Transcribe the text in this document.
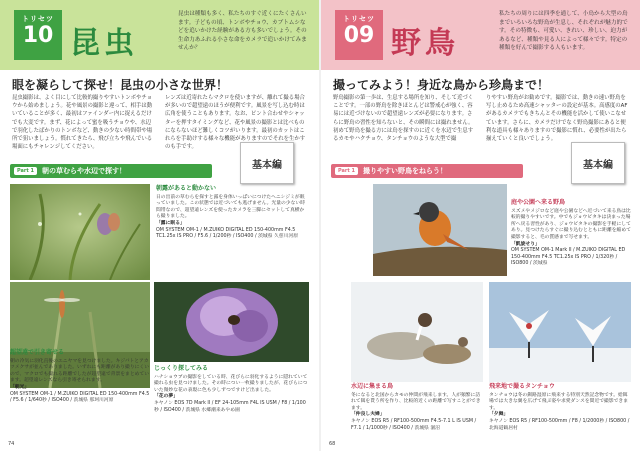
トリセツ
10 昆虫
昆虫は種類も多く、私たちのすぐ近くにたくさんいます。子どもの頃、トンボやチョウ、カブトムシなどを追いかけた経験がある方も多いでしょう。その生命力あふれる小さな命をカメラで追いかけてみませんか？
眼を凝らして探せ！昆虫の小さな世界！

昆虫撮影は、よく目にして比較的撮りやすいトンボやチョウから始めましょう。花や風景の撮影と違って、相手は動いていることが多く、最初はファインダー内に捉えるだけでも大変です。まず、花によって蜜を吸うチョウや、水辺で羽化したばかりのトンボなど、動きの少ない時間帯や場所で狙いましょう。慣れてきたら、飛び立ちや飛んでいる場面にもチャレンジしてください。

レンズは近寄れたらマクロを使いますが、離れて撮る場合が多いので超望遠のほうが便利です。風景を写し込む時は広角を使うこともあります。なお、ピント合わせやシャッターを押すタイミングなど、花や風景の撮影とは比べものにならないほど難しくコツがいります。最初のカットはこれらを手助けする様々な機能がありますのでそれを生かすのも手です。

基本編
Part 1	朝の草むらや水辺で探す！
朝露があると動かない
日の出前の草むらを探すと露を身体いっぱいにつけたヘニシジミが眠っていました。この状態では近づいても逃げません。光量の少ない時間帯なので、超望遠レンズを使ったカメラを三脚にセットして真横から撮りました。
「露に眠る」
OM SYSTEM OM-1 / M.ZUIKO DIGITAL ED 150-400mm F4.5 TC1.25x IS PRO / F5.6 / 1/200秒 / ISO400 / 茨城県 久慈川河原
超望遠で引き寄せる
朝の冷気に羽化直後のエニヤマを見つけました。キジバトとアカツメクサが並んでありました。いずれにも距離があり撮りにくいので、マクロでも撮れる距離でしたが超望遠で背景をまとめています。超望遠レンズなら引き寄せられます。
「朝光」
OM SYSTEM OM-1 / M.ZUIKO DIGITAL ED 150-400mm F4.5 / F5.6 / 1/640秒 / ISO400 / 茨城県 那珂川河原
じっくり探してみる
ハナショウブの撮影をしている時、花びらに羽化するように隠れていて撮れる虫を見つけました。その時につい一枚撮りましたが、花びらについた微妙な花の表現に色も少しずつですけど出ました。
「花の夢」
キヤノン EOS 7D Mark II / EF 24-105mm F4L IS USM / F8 / 1/100秒 / ISO400 / 茨城県 水郷潮来あやめ園
74
トリセツ
09 野鳥
私たちの周りには四季を通して、小鳥から大型の鳥までいろいろな野鳥が生息し、それぞれが魅力的です。その特徴も、可愛い、きれい、珍しい、迫力があるなど、種類や見る人によって様々です。特定の種類を好んで撮影する人もいます。
撮ってみよう！身近な鳥から珍鳥まで！

野鳥撮影の第一歩は、生息する場所を知り、そして近づくことです。一部の野鳥を除きほとんどは警戒心が強く、容易には近づけないので超望遠レンズが必要になります。さらに野鳥の習性を知らないと、その瞬間には撮れません。初めて野鳥を撮る方には鳥を探すのに近くを水辺で生息するカモやハクチョウ、タンチョウのような大型で撮

りやすい野鳥がお勧めです。撮影では、動きの速い野鳥を写し止めるため高速シャッターの設定が基本。高感度のAFがあるカメラでもきちんとその機能を活かして使いこなせています。さらに、カメラだけでなく野鳥撮影にあると便利な道具も様々ありますので撮影に慣れ、必要性が出たら揃えていくと良いでしょう。

基本編
Part 1	撮りやすい野鳥をねらう！
庭や公園へ来る野鳥
スズメやメジロなど庭や公園などへ近づいて来る鳥は比較的撮りやすいです。中でもジョウビタキは決まった場所へ戻る習性があり、ジョウビタキの撮影を手軽にしてあり。見つけたらすぐに撮り込むとともに距離を縮めて撮影すると、毛の質感まで写せます。
「凱旋せり」
OM SYSTEM OM-1 Mark II / M.ZUIKO DIGITAL ED 150-400mm F4.5 TC1.25x IS PRO / 1/320秒 / ISO800 / 茨城県
水辺に集まる鳥
冬になると北国からカモの仲間が飛来します。人が頻繁に訪れて餌を貰う所を作り、比較的近くの距離で写すことができます。
「仲良し夫婦」
キヤノン EOS R5 / RF100-500mm F4.5-7.1 L IS USM / F7.1 / 1/1000秒 / ISO400 / 茨城県 涸沼
飛来地で撮るタンチョウ
タンチョウは冬の釧路湿原に飛来する特別天然記念物です。給餌場では大きな翼を広げて飛ぶ姿や求愛ダンスを間近で撮影できます。
「夕舞」
キヤノン EOS R5 / RF100-500mm / F8 / 1/2000秒 / ISO800 / 北海道鶴居村
68
